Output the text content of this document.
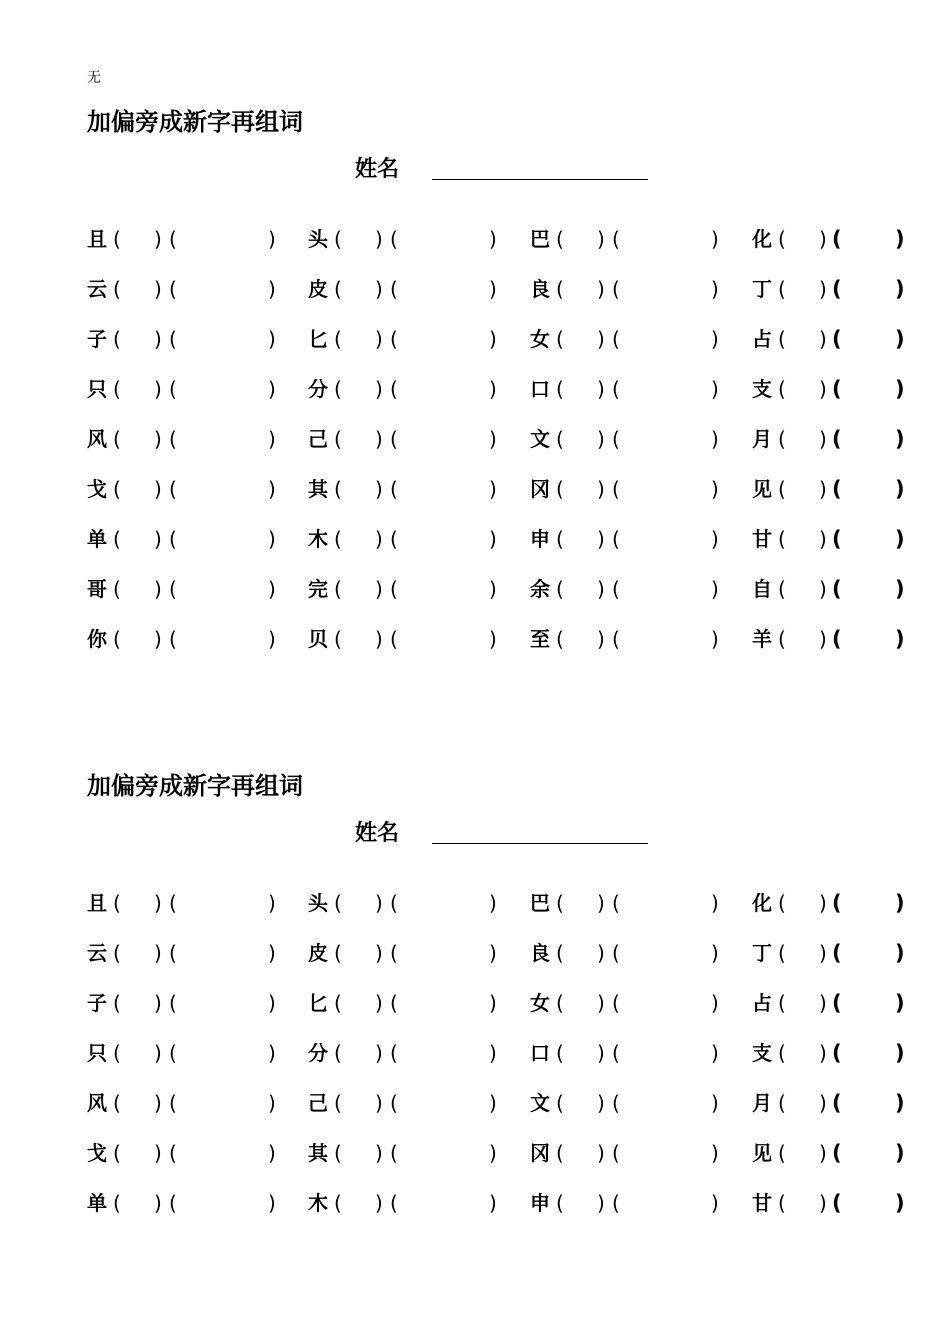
无
加偏旁成新字再组词
姓名
且 ( ) (	) 头 ( ) (	) 巴 ( ) (	) 化 ( ) (	)
云 ( ) (	) 皮 ( ) (	) 良 ( ) (	) 丁 ( ) (	)
子 ( ) (	) 匕 ( ) (	) 女 ( ) (	) 占 ( ) (	)
只 ( ) (	) 分 ( ) (	) 口 ( ) (	) 支 ( ) (	)
风 ( ) (	) 己 ( ) (	) 文 ( ) (	) 月 ( ) (	)
戈 ( ) (	) 其 ( ) (	) 冈 ( ) (	) 见 ( ) (	)
单 ( ) (	) 木 ( ) (	) 申 ( ) (	) 甘 ( ) (	)
哥 ( ) (	) 完 ( ) (	) 余 ( ) (	) 自 ( ) (	)
你 ( ) (	) 贝 ( ) (	) 至 ( ) (	) 羊 ( ) (	)
加偏旁成新字再组词
姓名
且 ( ) (	) 头 ( ) (	) 巴 ( ) (	) 化 ( ) (	)
云 ( ) (	) 皮 ( ) (	) 良 ( ) (	) 丁 ( ) (	)
子 ( ) (	) 匕 ( ) (	) 女 ( ) (	) 占 ( ) (	)
只 ( ) (	) 分 ( ) (	) 口 ( ) (	) 支 ( ) (	)
风 ( ) (	) 己 ( ) (	) 文 ( ) (	) 月 ( ) (	)
戈 ( ) (	) 其 ( ) (	) 冈 ( ) (	) 见 ( ) (	)
单 ( ) (	) 木 ( ) (	) 申 ( ) (	) 甘 ( ) (	)
